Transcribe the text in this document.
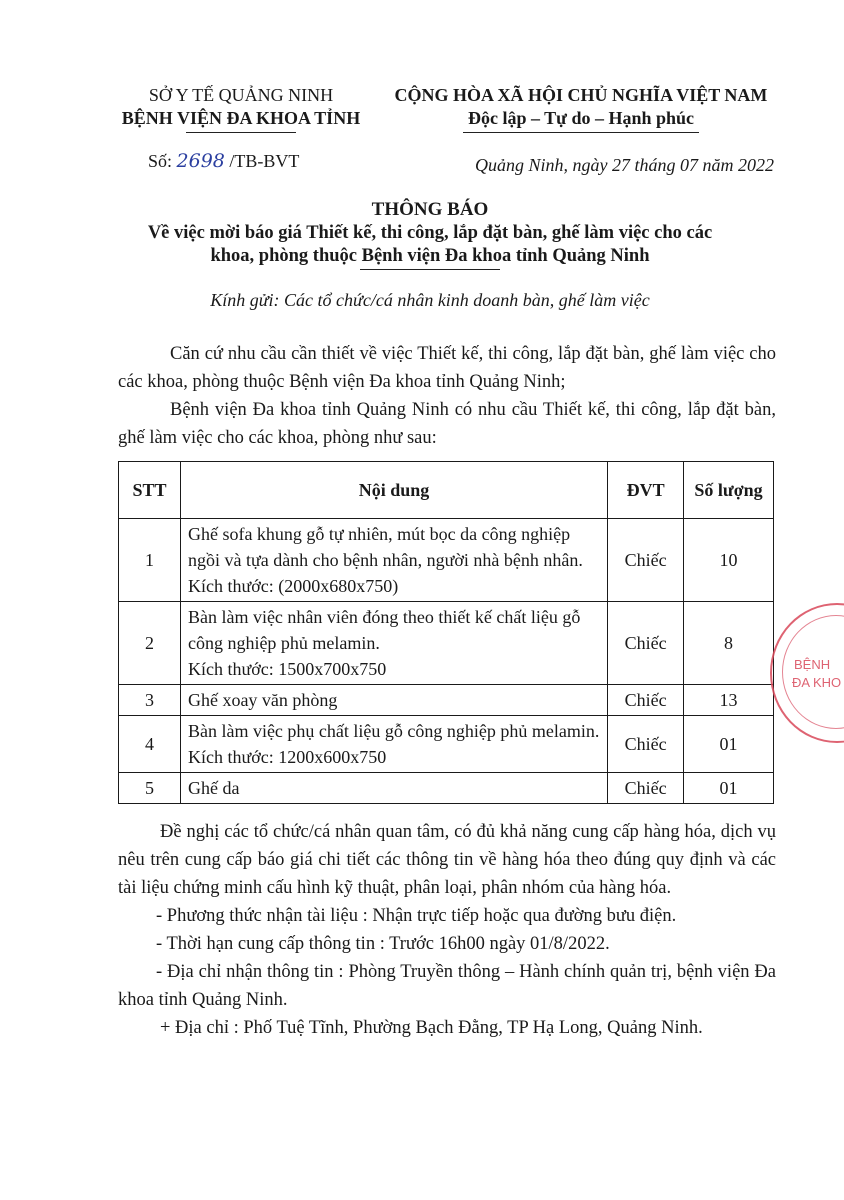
SỞ Y TẾ QUẢNG NINH
BỆNH VIỆN ĐA KHOA TỈNH
CỘNG HÒA XÃ HỘI CHỦ NGHĨA VIỆT NAM
Độc lập – Tự do – Hạnh phúc
Số: 2698 /TB-BVT	Quảng Ninh, ngày 27 tháng 07 năm 2022
THÔNG BÁO
Về việc mời báo giá Thiết kế, thi công, lắp đặt bàn, ghế làm việc cho các
khoa, phòng thuộc Bệnh viện Đa khoa tỉnh Quảng Ninh
Kính gửi: Các tổ chức/cá nhân kinh doanh bàn, ghế làm việc

Căn cứ nhu cầu cần thiết về việc Thiết kế, thi công, lắp đặt bàn, ghế làm việc cho các khoa, phòng thuộc Bệnh viện Đa khoa tỉnh Quảng Ninh;

Bệnh viện Đa khoa tỉnh Quảng Ninh có nhu cầu Thiết kế, thi công, lắp đặt bàn, ghế làm việc cho các khoa, phòng như sau:

STT	Nội dung	ĐVT	Số lượng
1	Ghế sofa khung gỗ tự nhiên, mút bọc da công nghiệp ngồi và tựa dành cho bệnh nhân, người nhà bệnh nhân. Kích thước: (2000x680x750)	Chiếc	10
2	Bàn làm việc nhân viên đóng theo thiết kế chất liệu gỗ công nghiệp phủ melamin.
Kích thước: 1500x700x750	Chiếc	8
3	Ghế xoay văn phòng	Chiếc	13
4	Bàn làm việc phụ chất liệu gỗ công nghiệp phủ melamin. Kích thước: 1200x600x750	Chiếc	01
5	Ghế da	Chiếc	01

Đề nghị các tổ chức/cá nhân quan tâm, có đủ khả năng cung cấp hàng hóa, dịch vụ nêu trên cung cấp báo giá chi tiết các thông tin về hàng hóa theo đúng quy định và các tài liệu chứng minh cấu hình kỹ thuật, phân loại, phân nhóm của hàng hóa.

- Phương thức nhận tài liệu : Nhận trực tiếp hoặc qua đường bưu điện.

- Thời hạn cung cấp thông tin : Trước 16h00 ngày 01/8/2022.

- Địa chỉ nhận thông tin : Phòng Truyền thông – Hành chính quản trị, bệnh viện Đa khoa tỉnh Quảng Ninh.

+ Địa chỉ : Phố Tuệ Tĩnh, Phường Bạch Đằng, TP Hạ Long, Quảng Ninh.

BỆNH
ĐA KHO
